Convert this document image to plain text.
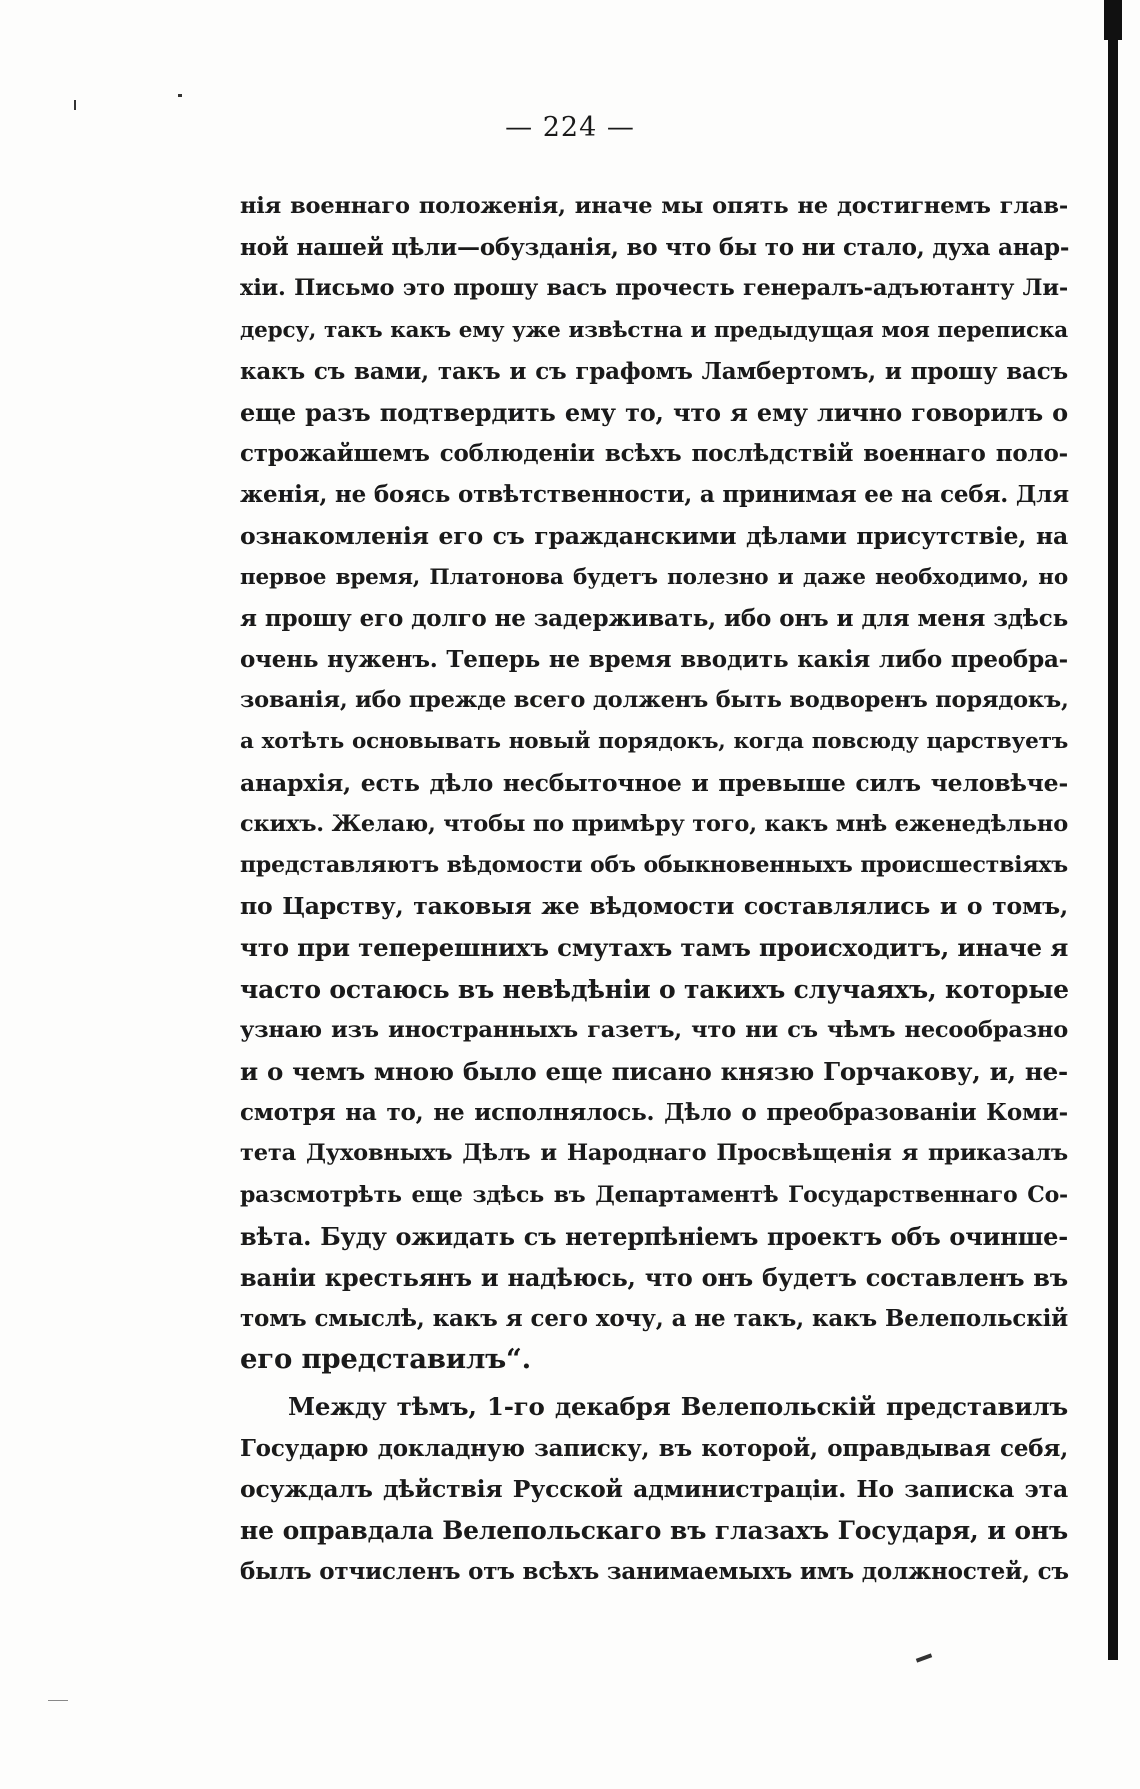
— 224 —
нія военнаго положенія, иначе мы опять не достигнемъ глав-
ной нашей цѣли—обузданія, во что бы то ни стало, духа анар-
хіи. Письмо это прошу васъ прочесть генералъ-адъютанту Ли-
дерсу, такъ какъ ему уже извѣстна и предыдущая моя переписка
какъ съ вами, такъ и съ графомъ Ламбертомъ, и прошу васъ
еще разъ подтвердить ему то, что я ему лично говорилъ о
строжайшемъ соблюденіи всѣхъ послѣдствій военнаго поло-
женія, не боясь отвѣтственности, а принимая ее на себя. Для
ознакомленія его съ гражданскими дѣлами присутствіе, на
первое время, Платонова будетъ полезно и даже необходимо, но
я прошу его долго не задерживать, ибо онъ и для меня здѣсь
очень нуженъ. Теперь не время вводить какія либо преобра-
зованія, ибо прежде всего долженъ быть водворенъ порядокъ,
а хотѣть основывать новый порядокъ, когда повсюду царствуетъ
анархія, есть дѣло несбыточное и превыше силъ человѣче-
скихъ. Желаю, чтобы по примѣру того, какъ мнѣ еженедѣльно
представляютъ вѣдомости объ обыкновенныхъ происшествіяхъ
по Царству, таковыя же вѣдомости составлялись и о томъ,
что при теперешнихъ смутахъ тамъ происходитъ, иначе я
часто остаюсь въ невѣдѣніи о такихъ случаяхъ, которые
узнаю изъ иностранныхъ газетъ, что ни съ чѣмъ несообразно
и о чемъ мною было еще писано князю Горчакову, и, не-
смотря на то, не исполнялось. Дѣло о преобразованіи Коми-
тета Духовныхъ Дѣлъ и Народнаго Просвѣщенія я приказалъ
разсмотрѣть еще здѣсь въ Департаментѣ Государственнаго Со-
вѣта. Буду ожидать съ нетерпѣніемъ проектъ объ очинше-
ваніи крестьянъ и надѣюсь, что онъ будетъ составленъ въ
томъ смыслѣ, какъ я сего хочу, а не такъ, какъ Велепольскій
его представилъ“.
Между тѣмъ, 1-го декабря Велепольскій представилъ
Государю докладную записку, въ которой, оправдывая себя,
осуждалъ дѣйствія Русской администраціи. Но записка эта
не оправдала Велепольскаго въ глазахъ Государя, и онъ
былъ отчисленъ отъ всѣхъ занимаемыхъ имъ должностей, съ
